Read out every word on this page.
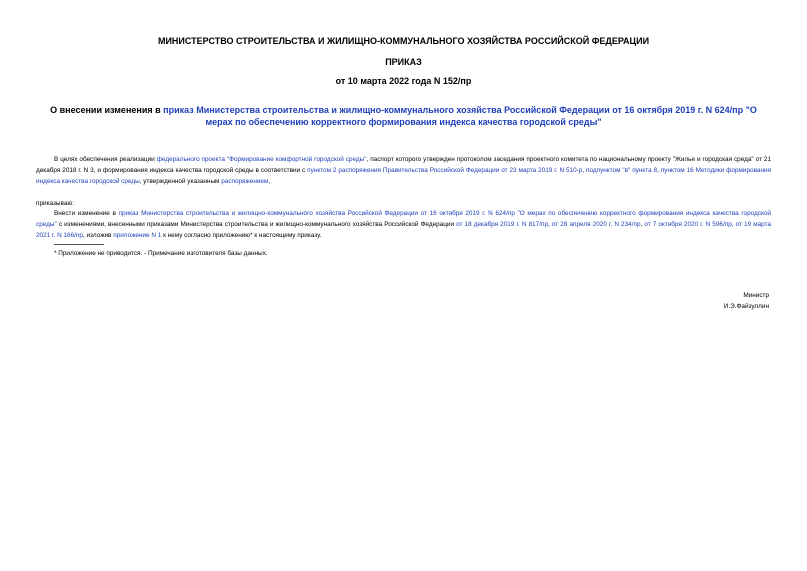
МИНИСТЕРСТВО СТРОИТЕЛЬСТВА И ЖИЛИЩНО-КОММУНАЛЬНОГО ХОЗЯЙСТВА РОССИЙСКОЙ ФЕДЕРАЦИИ
ПРИКАЗ
от 10 марта 2022 года N 152/пр
О внесении изменения в приказ Министерства строительства и жилищно-коммунального хозяйства Российской Федерации от 16 октября 2019 г. N 624/пр "О мерах по обеспечению корректного формирования индекса качества городской среды"
В целях обеспечения реализации федерального проекта "Формирование комфортной городской среды", паспорт которого утвержден протоколом заседания проектного комитета по национальному проекту "Жилье и городская среда" от 21 декабря 2018 г. N 3, и формирования индекса качества городской среды в соответствии с пунктом 2 распоряжения Правительства Российской Федерации от 23 марта 2019 г. N 510-р, подпунктом "в" пункта 8, пунктом 16 Методики формирования индекса качества городской среды, утвержденной указанным распоряжением,
приказываю:
Внести изменение в приказ Министерства строительства и жилищно-коммунального хозяйства Российской Федерации от 16 октября 2019 г. N 624/пр "О мерах по обеспечению корректного формирования индекса качества городской среды" с изменениями, внесенными приказами Министерства строительства и жилищно-коммунального хозяйства Российской Федерации от 18 декабря 2019 г. N 817/пр, от 28 апреля 2020 г. N 234/пр, от 7 октября 2020 г. N 596/пр, от 19 марта 2021 г. N 166/пр, изложив приложение N 1 к нему согласно приложению* к настоящему приказу.
* Приложение не приводится. - Примечание изготовителя базы данных.
Министр
И.Э.Файзуллин
